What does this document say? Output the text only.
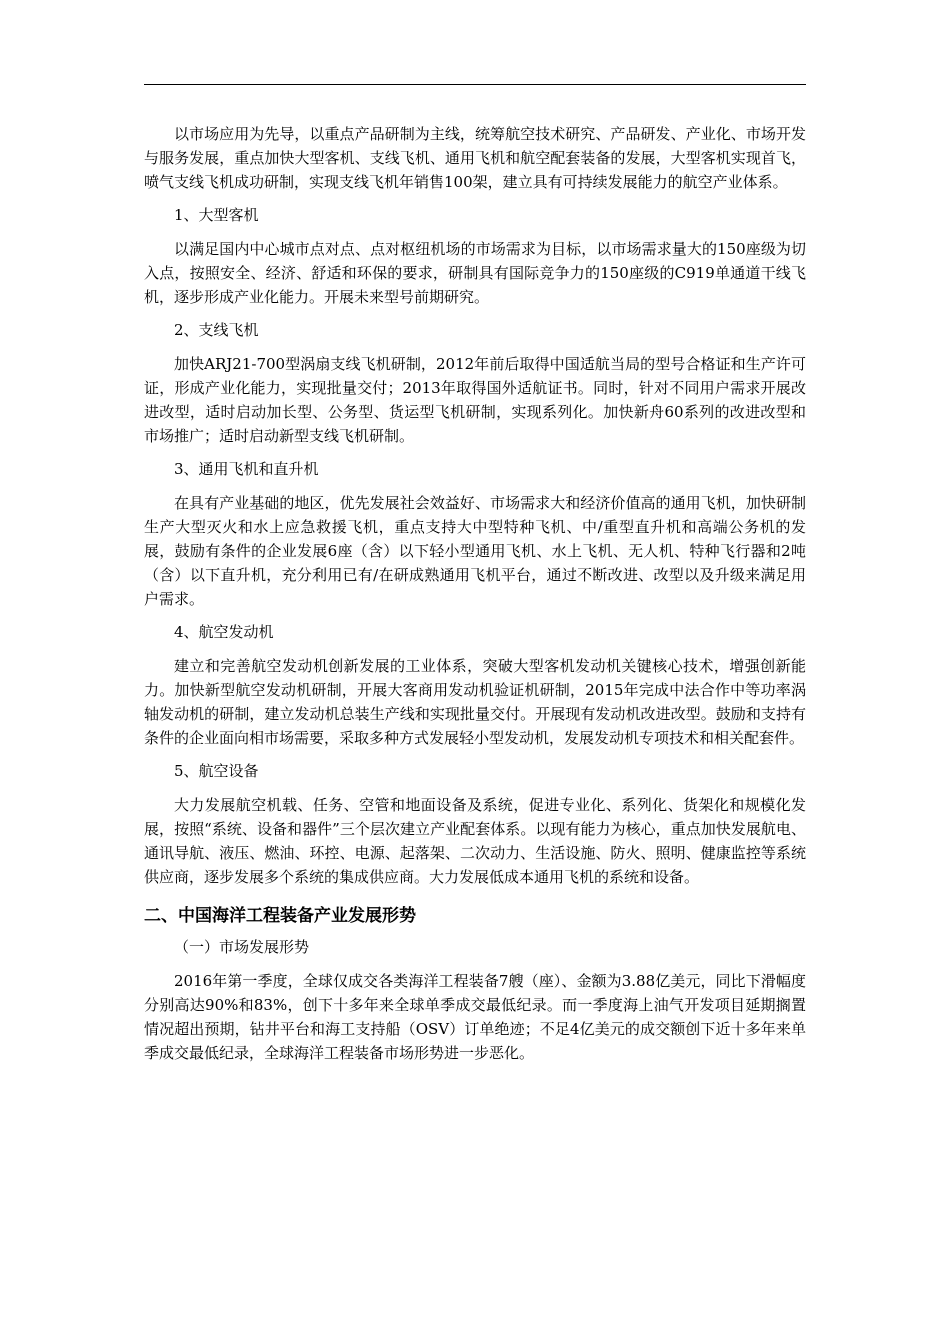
以市场应用为先导，以重点产品研制为主线，统筹航空技术研究、产品研发、产业化、市场开发与服务发展，重点加快大型客机、支线飞机、通用飞机和航空配套装备的发展，大型客机实现首飞，喷气支线飞机成功研制，实现支线飞机年销售100架，建立具有可持续发展能力的航空产业体系。

1、大型客机

以满足国内中心城市点对点、点对枢纽机场的市场需求为目标，以市场需求量大的150座级为切入点，按照安全、经济、舒适和环保的要求，研制具有国际竞争力的150座级的C919单通道干线飞机，逐步形成产业化能力。开展未来型号前期研究。

2、支线飞机

加快ARJ21-700型涡扇支线飞机研制，2012年前后取得中国适航当局的型号合格证和生产许可证，形成产业化能力，实现批量交付；2013年取得国外适航证书。同时，针对不同用户需求开展改进改型，适时启动加长型、公务型、货运型飞机研制，实现系列化。加快新舟60系列的改进改型和市场推广；适时启动新型支线飞机研制。

3、通用飞机和直升机

在具有产业基础的地区，优先发展社会效益好、市场需求大和经济价值高的通用飞机，加快研制生产大型灭火和水上应急救援飞机，重点支持大中型特种飞机、中/重型直升机和高端公务机的发展，鼓励有条件的企业发展6座（含）以下轻小型通用飞机、水上飞机、无人机、特种飞行器和2吨（含）以下直升机，充分利用已有/在研成熟通用飞机平台，通过不断改进、改型以及升级来满足用户需求。

4、航空发动机

建立和完善航空发动机创新发展的工业体系，突破大型客机发动机关键核心技术，增强创新能力。加快新型航空发动机研制，开展大客商用发动机验证机研制，2015年完成中法合作中等功率涡轴发动机的研制，建立发动机总装生产线和实现批量交付。开展现有发动机改进改型。鼓励和支持有条件的企业面向相市场需要，采取多种方式发展轻小型发动机，发展发动机专项技术和相关配套件。

5、航空设备

大力发展航空机载、任务、空管和地面设备及系统，促进专业化、系列化、货架化和规模化发展，按照“系统、设备和器件”三个层次建立产业配套体系。以现有能力为核心，重点加快发展航电、通讯导航、液压、燃油、环控、电源、起落架、二次动力、生活设施、防火、照明、健康监控等系统供应商，逐步发展多个系统的集成供应商。大力发展低成本通用飞机的系统和设备。

二、中国海洋工程装备产业发展形势

（一）市场发展形势

2016年第一季度，全球仅成交各类海洋工程装备7艘（座）、金额为3.88亿美元，同比下滑幅度分别高达90%和83%，创下十多年来全球单季成交最低纪录。而一季度海上油气开发项目延期搁置情况超出预期，钻井平台和海工支持船（OSV）订单绝迹；不足4亿美元的成交额创下近十多年来单季成交最低纪录，全球海洋工程装备市场形势进一步恶化。
